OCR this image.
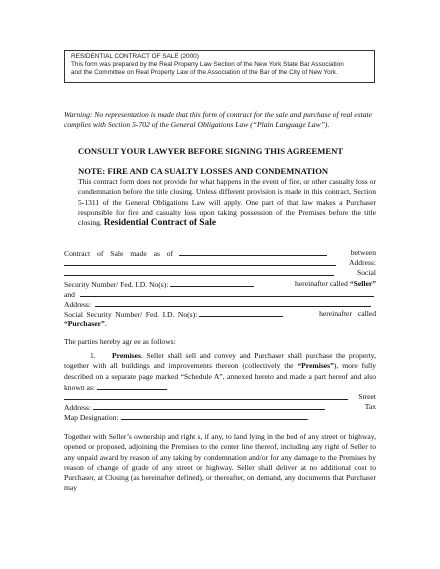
RESIDENTIAL CONTRACT OF SALE (2000)
This form was prepared by the Real Property Law Section of the New York State Bar Association
and the Committee on Real Property Law of the Association of the Bar of the City of New York.
Warning: No representation is made that this form of contract for the sale and purchase of real estate complies with Section 5-702 of the General Obligations Law (“Plain Language Law”).
CONSULT YOUR LAWYER BEFORE SIGNING THIS AGREEMENT
NOTE: FIRE AND CA SUALTY LOSSES AND CONDEMNATION
This contract form does not provide for what happens in the event of fire, or other casualty loss or condemnation before the title closing. Unless different provision is made in this contract, Section 5-1311 of the General Obligations Law will apply. One part of that law makes a Purchaser responsible for fire and casualty loss upon taking possession of the Premises before the title closing. Residential Contract of Sale
Contract of Sale made as of	between
Address:
Social
Security Number/ Fed. I.D. No(s):	hereinafter called “Seller”
and
Address:
Social Security Number/ Fed. I.D. No(s):	hereinafter called
“Purchaser”.
The parties hereby agr ee as follows:
1. Premises. Seller shall sell and convey and Purchaser shall purchase the property, together with all buildings and improvements thereon (collectively the “Premises”), more fully described on a separate page marked “Schedule A”, annexed hereto and made a part hereof and also known as:
Street
Address:	Tax
Map Designation:	.
Together with Seller’s ownership and right s, if any, to land lying in the bed of any street or highway, opened or proposed, adjoining the Premises to the center line thereof, including any right of Seller to any unpaid award by reason of any taking by condemnation and/or for any damage to the Premises by reason of change of grade of any street or highway. Seller shall deliver at no additional cost to Purchaser, at Closing (as hereinafter defined), or thereafter, on demand, any documents that Purchaser may
